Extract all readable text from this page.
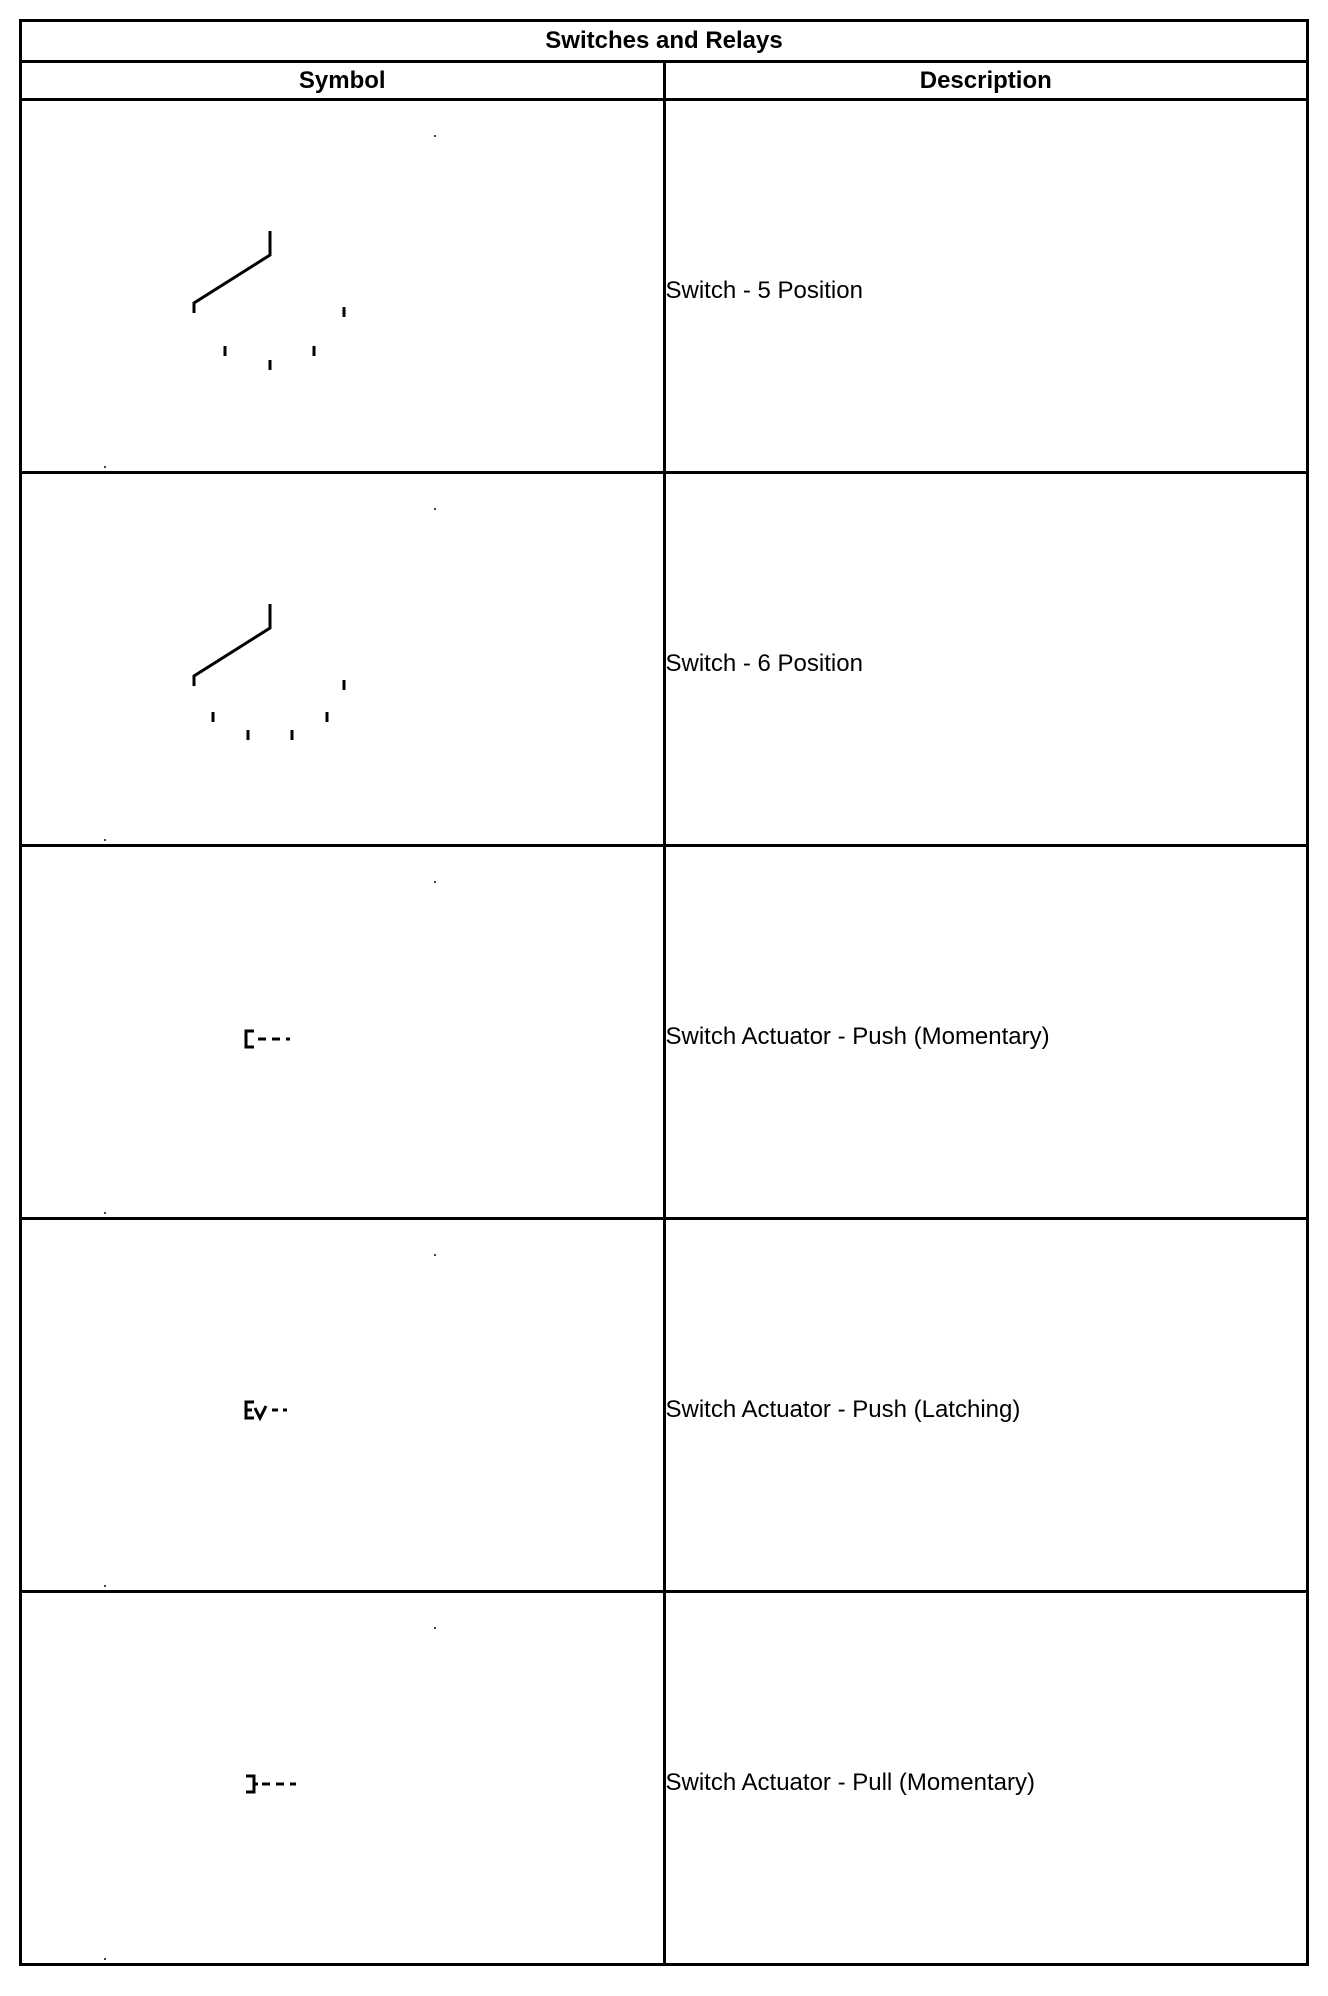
Switches and Relays	
Symbol	Description

Switch - 5 Position

Switch - 6 Position

Switch Actuator - Push (Momentary)

Switch Actuator - Push (Latching)

Switch Actuator - Pull (Momentary)
